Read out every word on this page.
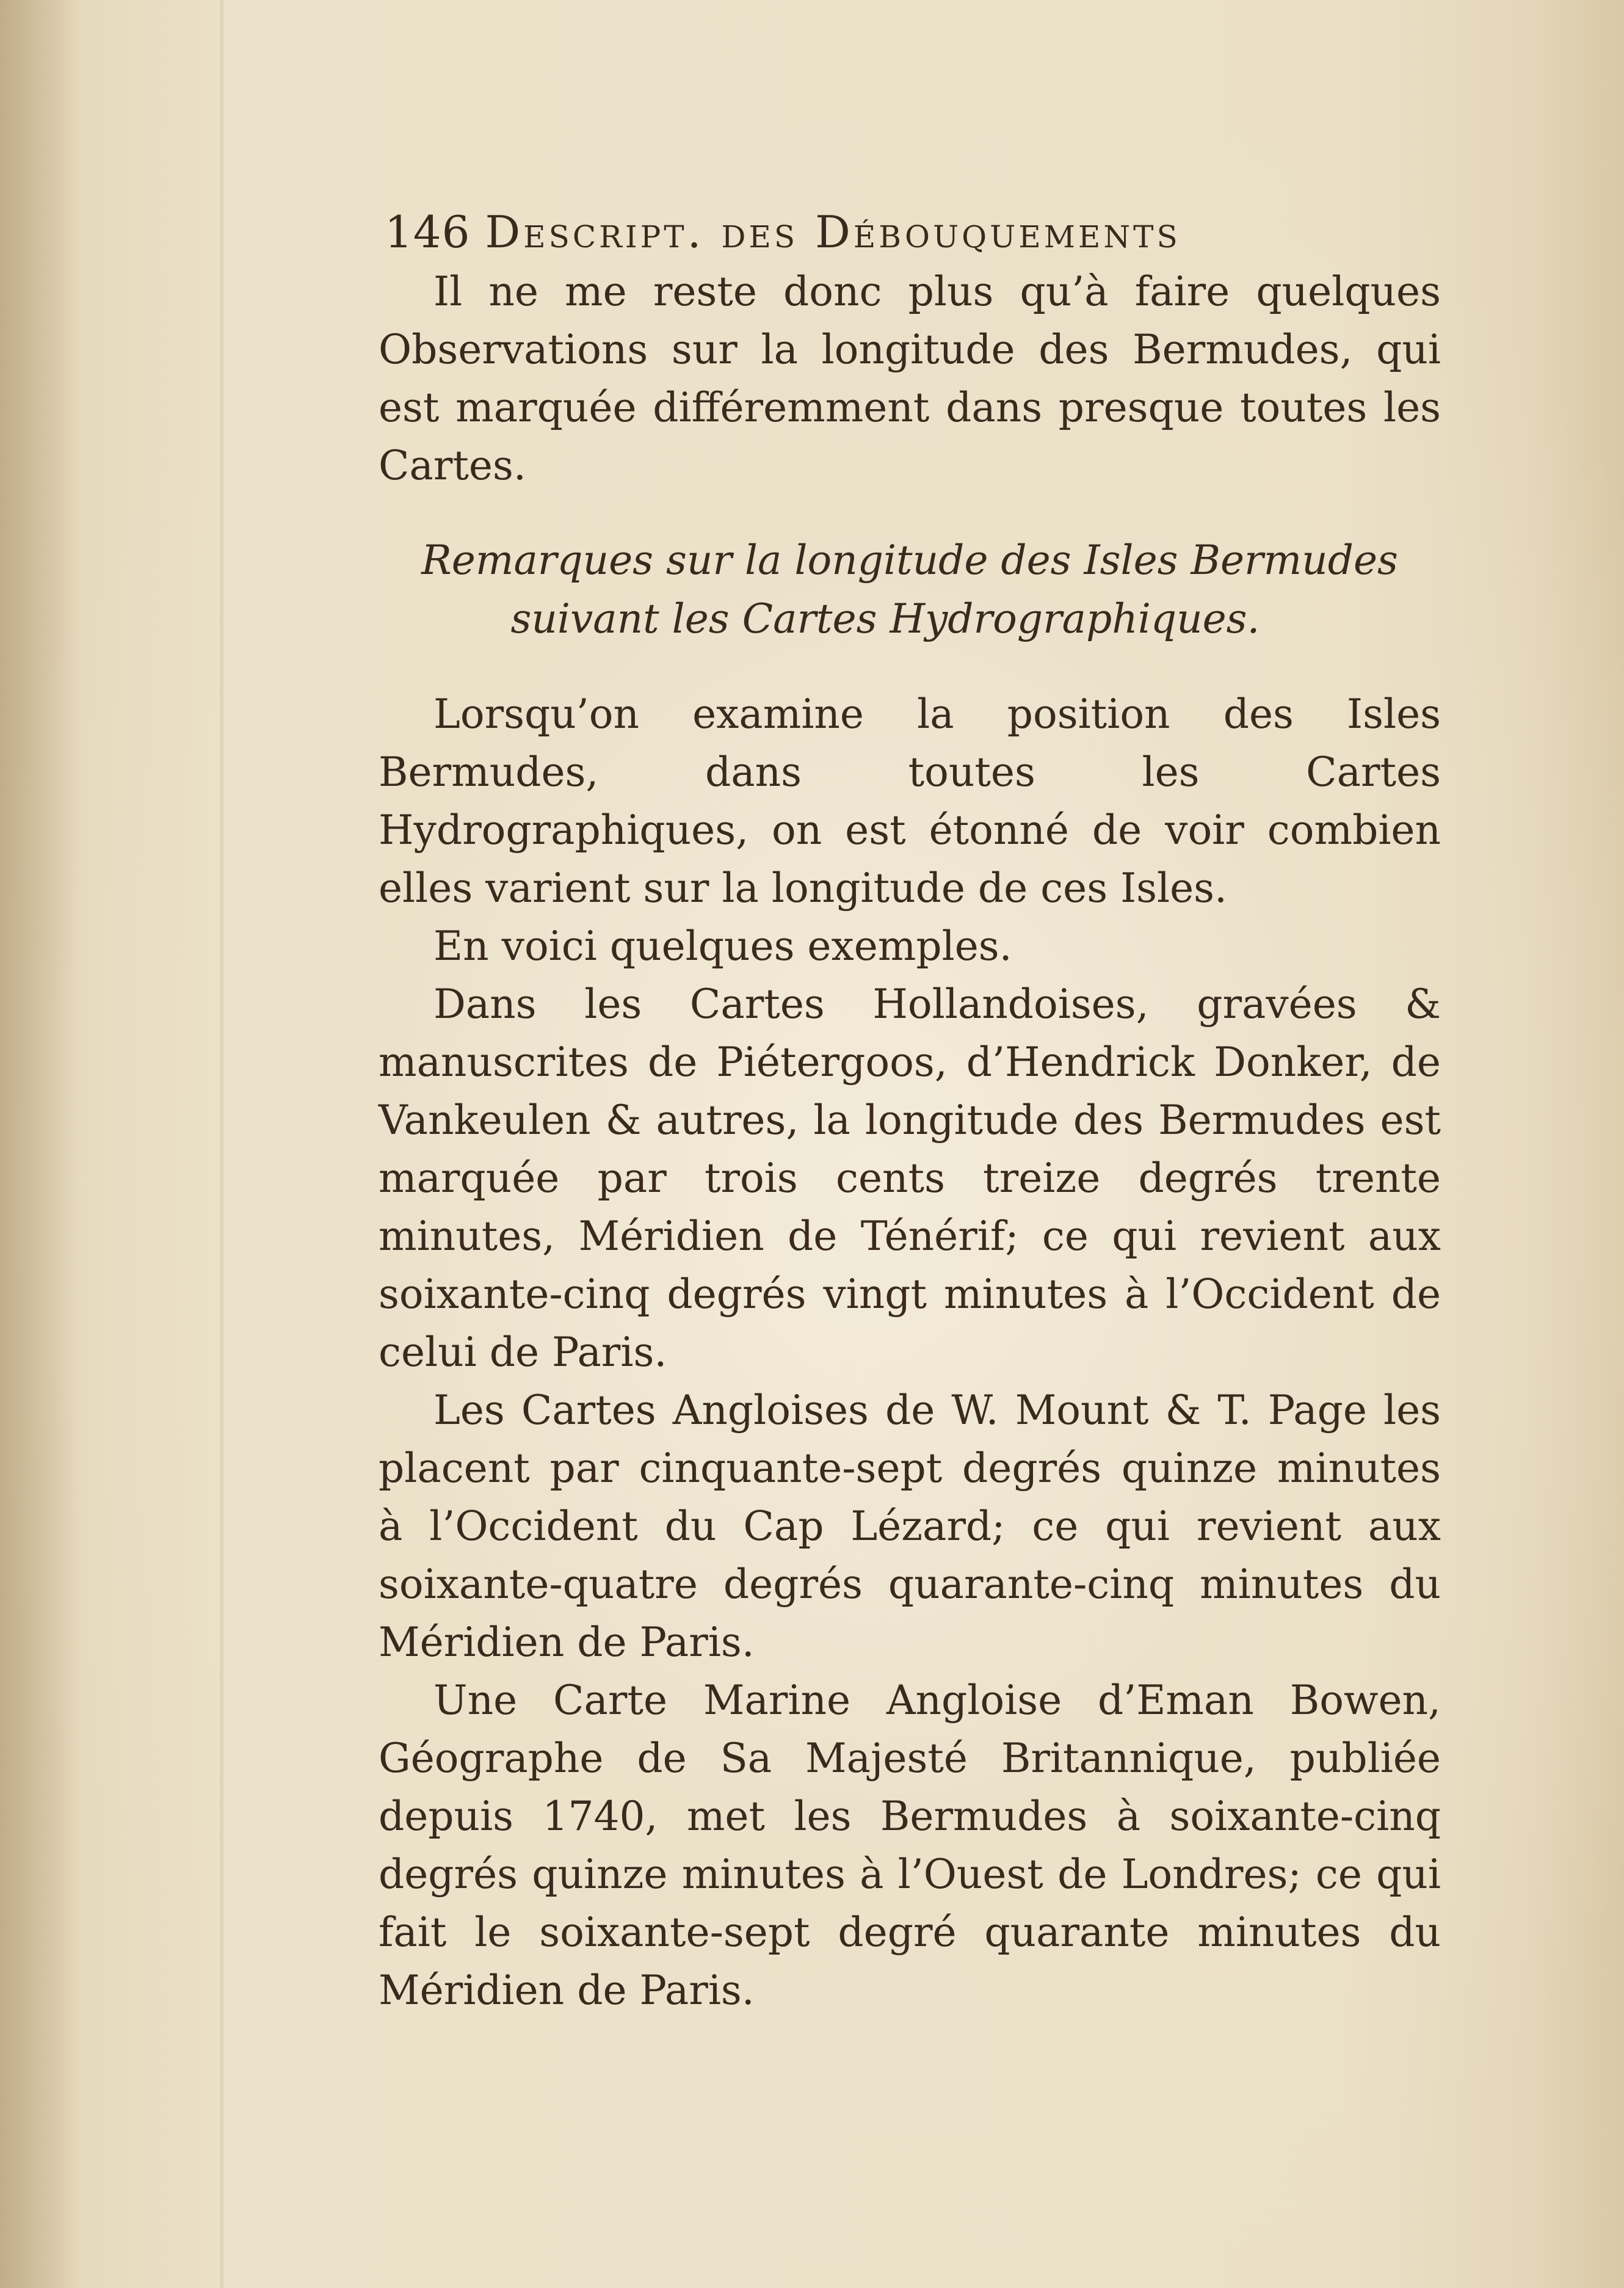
146 Descript. des Débouquements

Il ne me reste donc plus qu’à faire quelques Observations sur la longitude des Bermudes, qui est marquée différemment dans presque toutes les Cartes.

Remarques sur la longitude des Isles Bermudes
suivant les Cartes Hydrographiques.

Lorsqu’on examine la position des Isles Bermudes, dans toutes les Cartes Hydrographiques, on est étonné de voir combien elles varient sur la longitude de ces Isles.

En voici quelques exemples.

Dans les Cartes Hollandoises, gravées & manuscrites de Piétergoos, d’Hendrick Donker, de Vankeulen & autres, la longitude des Bermudes est marquée par trois cents treize degrés trente minutes, Méridien de Ténérif; ce qui revient aux soixante-cinq degrés vingt minutes à l’Occident de celui de Paris.

Les Cartes Angloises de W. Mount & T. Page les placent par cinquante-sept degrés quinze minutes à l’Occident du Cap Lézard; ce qui revient aux soixante-quatre degrés quarante-cinq minutes du Méridien de Paris.

Une Carte Marine Angloise d’Eman Bowen, Géographe de Sa Majesté Britannique, publiée depuis 1740, met les Bermudes à soixante-cinq degrés quinze minutes à l’Ouest de Londres; ce qui fait le soixante-sept degré quarante minutes du Méridien de Paris.
